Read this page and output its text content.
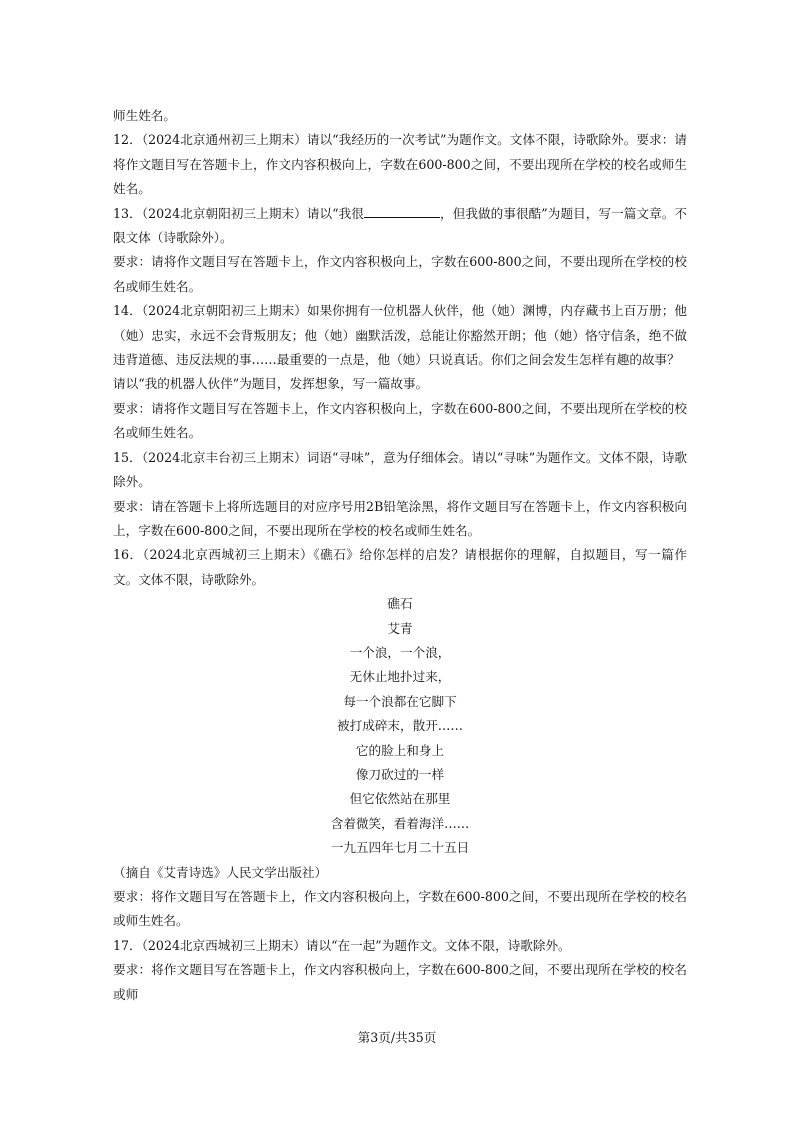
师生姓名。

12．（2024北京通州初三上期末）请以“我经历的一次考试”为题作文。文体不限，诗歌除外。要求：请将作文题目写在答题卡上，作文内容积极向上，字数在600-800之间，不要出现所在学校的校名或师生姓名。

13．（2024北京朝阳初三上期末）请以“我很	，但我做的事很酷”为题目，写一篇文章。不限文体（诗歌除外）。

要求：请将作文题目写在答题卡上，作文内容积极向上，字数在600-800之间，不要出现所在学校的校名或师生姓名。

14．（2024北京朝阳初三上期末）如果你拥有一位机器人伙伴，他（她）渊博，内存藏书上百万册；他（她）忠实，永远不会背叛朋友；他（她）幽默活泼，总能让你豁然开朗；他（她）恪守信条，绝不做违背道德、违反法规的事……最重要的一点是，他（她）只说真话。你们之间会发生怎样有趣的故事？

请以“我的机器人伙伴”为题目，发挥想象，写一篇故事。

要求：请将作文题目写在答题卡上，作文内容积极向上，字数在600-800之间，不要出现所在学校的校名或师生姓名。

15．（2024北京丰台初三上期末）词语“寻味”，意为仔细体会。请以“寻味”为题作文。文体不限，诗歌除外。

要求：请在答题卡上将所选题目的对应序号用2B铅笔涂黑，将作文题目写在答题卡上，作文内容积极向上，字数在600-800之间，不要出现所在学校的校名或师生姓名。

16．（2024北京西城初三上期末）《礁石》给你怎样的启发？请根据你的理解，自拟题目，写一篇作文。文体不限，诗歌除外。

礁石
艾青
一个浪，一个浪，
无休止地扑过来，
每一个浪都在它脚下
被打成碎末，散开……
它的脸上和身上
像刀砍过的一样
但它依然站在那里
含着微笑，看着海洋……
一九五四年七月二十五日

（摘自《艾青诗选》人民文学出版社）

要求：将作文题目写在答题卡上，作文内容积极向上，字数在600-800之间，不要出现所在学校的校名或师生姓名。

17．（2024北京西城初三上期末）请以“在一起”为题作文。文体不限，诗歌除外。

要求：将作文题目写在答题卡上，作文内容积极向上，字数在600-800之间，不要出现所在学校的校名或师

第3页/共35页
